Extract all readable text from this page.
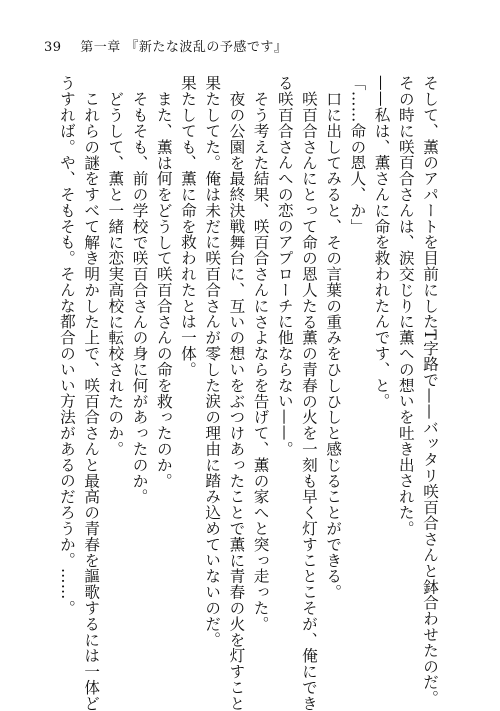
39 第一章 『新たな波乱の予感です』
そして、薫のアパートを目前にしたT字路で——バッタリ咲百合さんと鉢合わせたのだ。
その時に咲百合さんは、涙交じりに薫への想いを吐き出された。
——私は、薫さんに命を救われたんです、と。
「……命の恩人、か」
口に出してみると、その言葉の重みをひしひしと感じることができる。
咲百合さんにとって命の恩人たる薫の青春の火を一刻も早く灯すことこそが、俺にでき
る咲百合さんへの恋のアプローチに他ならない——。
そう考えた結果、咲百合さんにさよならを告げて、薫の家へと突っ走った。
夜の公園を最終決戦舞台に、互いの想いをぶつけあったことで薫に青春の火を灯すこと
果たしてた。俺は未だに咲百合さんが零した涙の理由に踏み込めていないのだ。
果たしても、薫に命を救われたとは一体。
また、薫は何をどうして咲百合さんの命を救ったのか。
そもそも、前の学校で咲百合さんの身に何があったのか。
どうして、薫と一緒に恋実高校に転校されたのか。
これらの謎をすべて解き明かした上で、咲百合さんと最高の青春を謳歌するには一体ど
うすれば。や、そもそも。そんな都合のいい方法があるのだろうか。……。
